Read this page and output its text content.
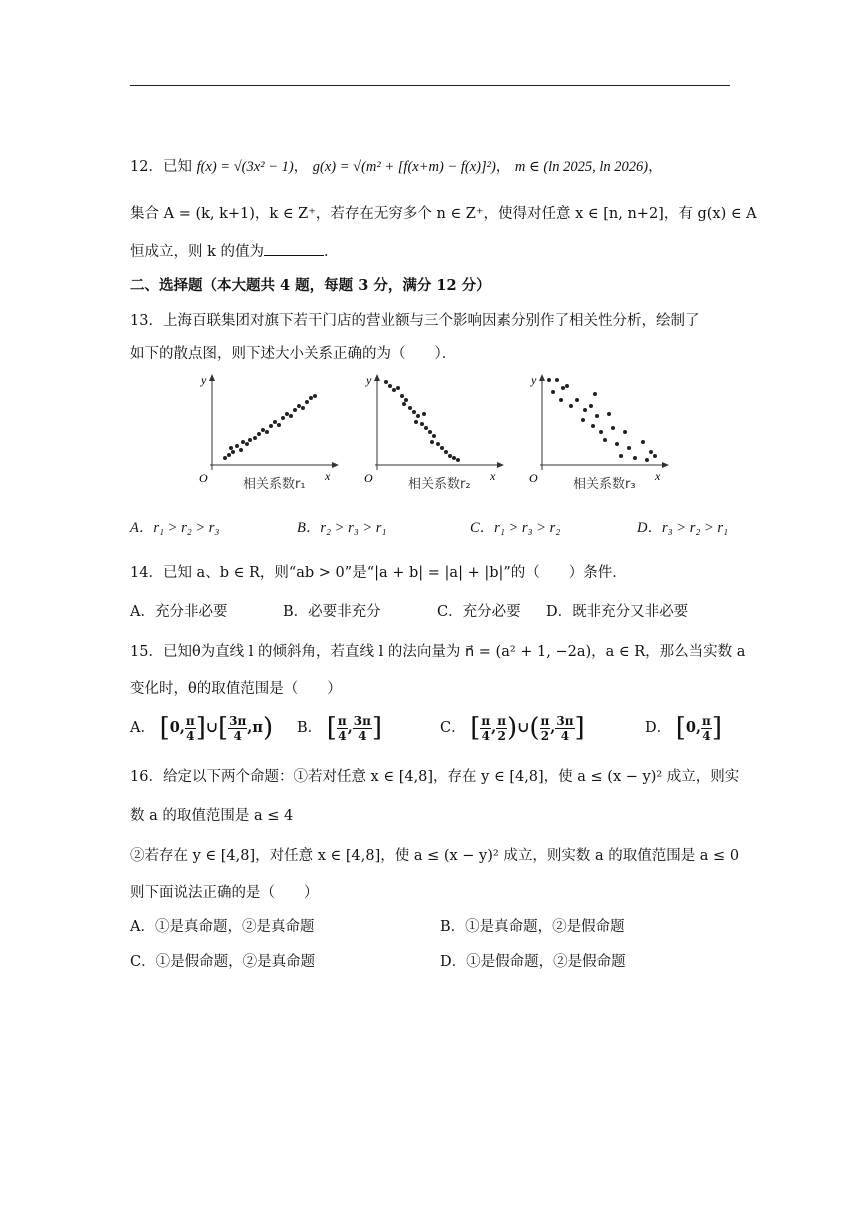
12．已知 f(x) = √(3x² − 1)， g(x) = √(m² + [f(x+m) − f(x)]²)， m ∈ (ln 2025, ln 2026)，
集合 A = (k, k+1)，k ∈ Z⁺，若存在无穷多个 n ∈ Z⁺，使得对任意 x ∈ [n, n+2]，有 g(x) ∈ A
恒成立，则 k 的值为	．
二、选择题（本大题共 4 题，每题 3 分，满分 12 分）
13．上海百联集团对旗下若干门店的营业额与三个影响因素分别作了相关性分析，绘制了
如下的散点图，则下述大小关系正确的为（　　）．
y
x
O	相关系数r₁
y
x
O	相关系数r₂
y
x
O	相关系数r₃
A．r₁ > r₂ > r₃	B．r₂ > r₃ > r₁	C．r₁ > r₃ > r₂	D．r₃ > r₂ > r₁
14．已知 a、b ∈ R，则“ab > 0”是“|a + b| = |a| + |b|”的（　　）条件．
A．充分非必要	B．必要非充分	C．充分必要 D．既非充分又非必要
15．已知θ为直线 l 的倾斜角，若直线 l 的法向量为 n⃗ = (a² + 1, −2a)，a ∈ R，那么当实数 a
变化时，θ的取值范围是（　　）
A． [0, $\frac{\pi}{4}$ ]∪[ $\frac{3\pi}{4} ,\pi$) B． [ $\frac{\pi}{4}$ , $\frac{3\pi}{4}$ ]	C． [ $\frac{\pi}{4}$ , $\frac{\pi}{2}$ )∪( $\frac{\pi}{2}$ , $\frac{3\pi}{4}$ ]	D． [0, $\frac{\pi}{4}$ ]
16．给定以下两个命题：①若对任意 x ∈ [4,8]，存在 y ∈ [4,8]，使 a ≤ (x − y)² 成立，则实
数 a 的取值范围是 a ≤ 4
②若存在 y ∈ [4,8]，对任意 x ∈ [4,8]，使 a ≤ (x − y)² 成立，则实数 a 的取值范围是 a ≤ 0
则下面说法正确的是（　　）
A．①是真命题，②是真命题	B．①是真命题，②是假命题
C．①是假命题，②是真命题	D．①是假命题，②是假命题
